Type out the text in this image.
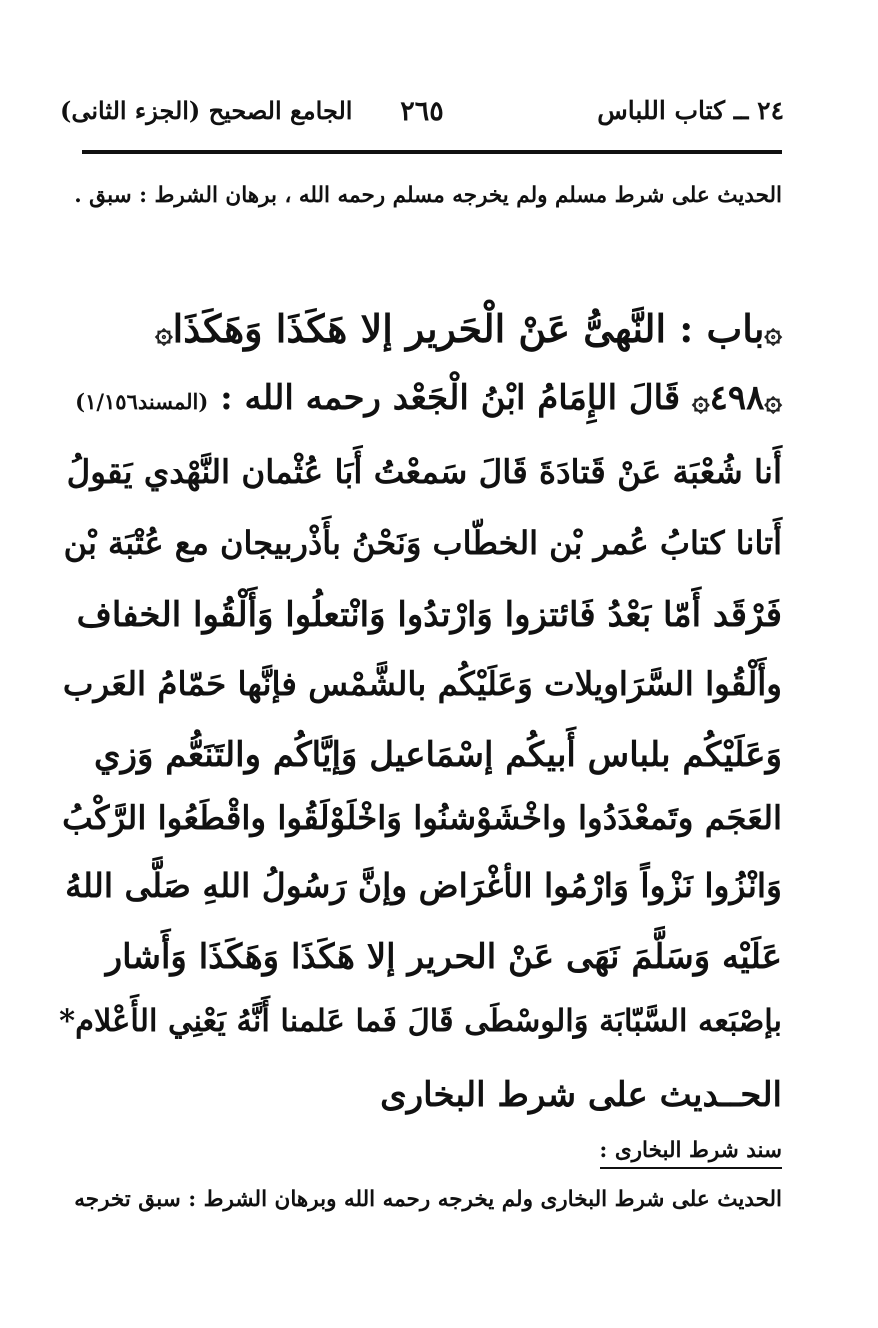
٢٤ ــ كتاب اللباس
٢٦٥
الجامع الصحيح (الجزء الثانى)
الحديث على شرط مسلم ولم يخرجه مسلم رحمه الله ، برهان الشرط : سبق .
۞باب : النَّهىُّ عَنْ الْحَرير إلا هَكَذَا وَهَكَذَا۞
۞٤٩٨۞ قَالَ الإِمَامُ ابْنُ الْجَعْد رحمه الله : (المسند١/١٥٦)
أَنا شُعْبَة عَنْ قَتادَةَ قَالَ سَمعْتُ أَبَا عُثْمان النَّهْدي يَقولُ
أَتانا كتابُ عُمر بْن الخطّاب وَنَحْنُ بأَذْربيجان مع عُتْبَة بْن
فَرْقَد أَمّا بَعْدُ فَائتزوا وَارْتدُوا وَانْتعلُوا وَأَلْقُوا الخفاف
وأَلْقُوا السَّرَاويلات وَعَلَيْكُم بالشَّمْس فإنَّها حَمّامُ العَرب
وَعَلَيْكُم بلباس أَبيكُم إسْمَاعيل وَإيَّاكُم والتَنَعُّم وَزي
العَجَم وتَمعْدَدُوا واخْشَوْشنُوا وَاخْلَوْلَقُوا واقْطَعُوا الرَّكْبُ
وَانْزُوا نَزْواً وَارْمُوا الأغْرَاض وإنَّ رَسُولُ اللهِ صَلَّى اللهُ
عَلَيْه وَسَلَّمَ نَهَى عَنْ الحرير إلا هَكَذَا وَهَكَذَا وَأَشار
بإصْبَعه السَّبّابَة وَالوسْطَى قَالَ فَما عَلمنا أَنَّهُ يَعْنِي الأَعْلام*
الحــديث على شرط البخارى
سند شرط البخارى :
الحديث على شرط البخارى ولم يخرجه رحمه الله وبرهان الشرط : سبق تخرجه
